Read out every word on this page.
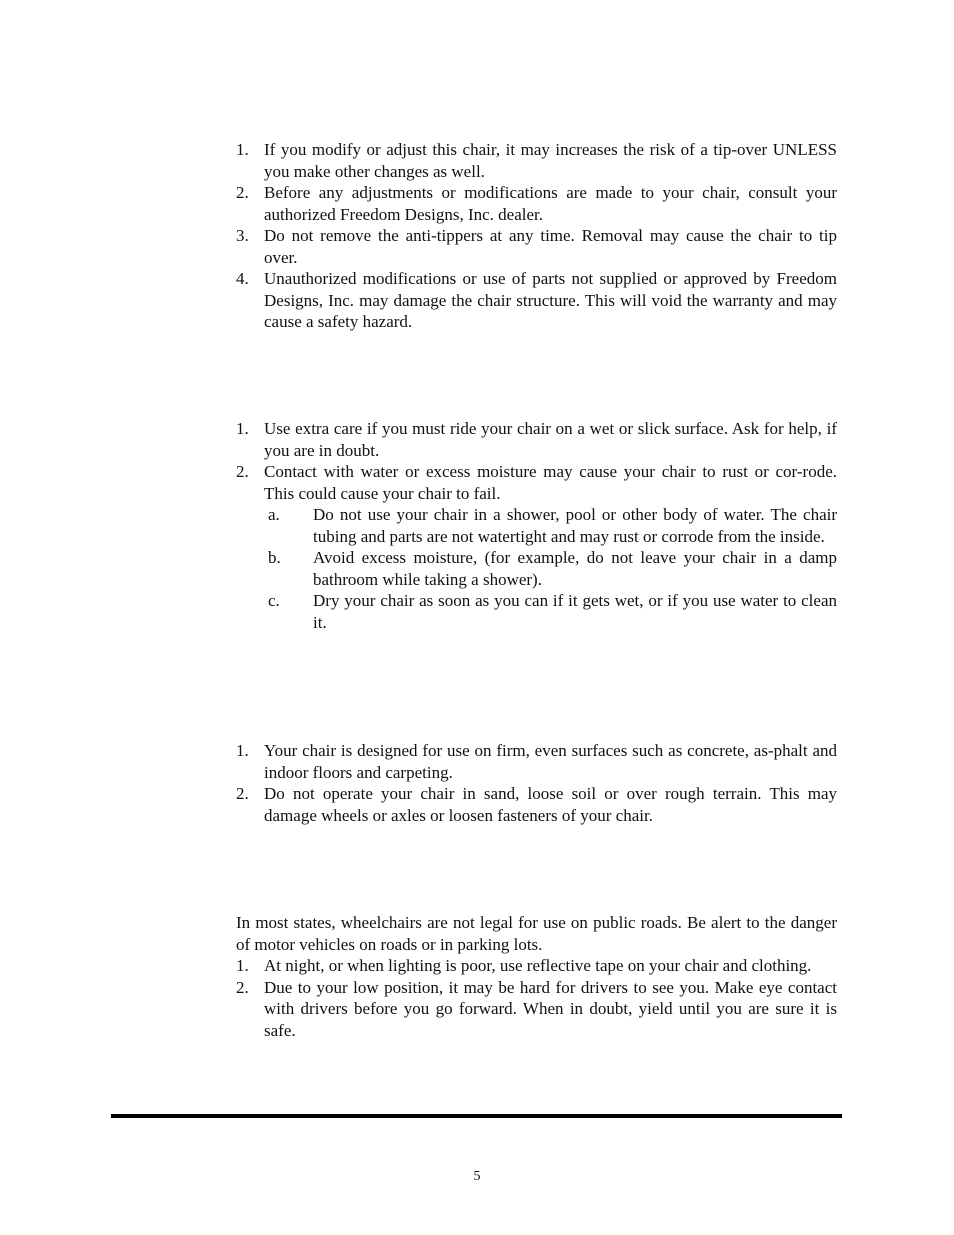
1. If you modify or adjust this chair, it may increases the risk of a tip-over UNLESS you make other changes as well.
2. Before any adjustments or modifications are made to your chair, consult your authorized Freedom Designs, Inc. dealer.
3. Do not remove the anti-tippers at any time. Removal may cause the chair to tip over.
4. Unauthorized modifications or use of parts not supplied or approved by Freedom Designs, Inc. may damage the chair structure. This will void the warranty and may cause a safety hazard.
1. Use extra care if you must ride your chair on a wet or slick surface. Ask for help, if you are in doubt.
2. Contact with water or excess moisture may cause your chair to rust or cor-rode. This could cause your chair to fail.
a.	Do not use your chair in a shower, pool or other body of water. The chair tubing and parts are not watertight and may rust or corrode from the inside.
b.	Avoid excess moisture, (for example, do not leave your chair in a damp bathroom while taking a shower).
c.	Dry your chair as soon as you can if it gets wet, or if you use water to clean it.
1. Your chair is designed for use on firm, even surfaces such as concrete, as-phalt and indoor floors and carpeting.
2. Do not operate your chair in sand, loose soil or over rough terrain. This may damage wheels or axles or loosen fasteners of your chair.

In most states, wheelchairs are not legal for use on public roads. Be alert to the danger of motor vehicles on roads or in parking lots.

1. At night, or when lighting is poor, use reflective tape on your chair and clothing.
2. Due to your low position, it may be hard for drivers to see you. Make eye contact with drivers before you go forward. When in doubt, yield until you are sure it is safe.
5
